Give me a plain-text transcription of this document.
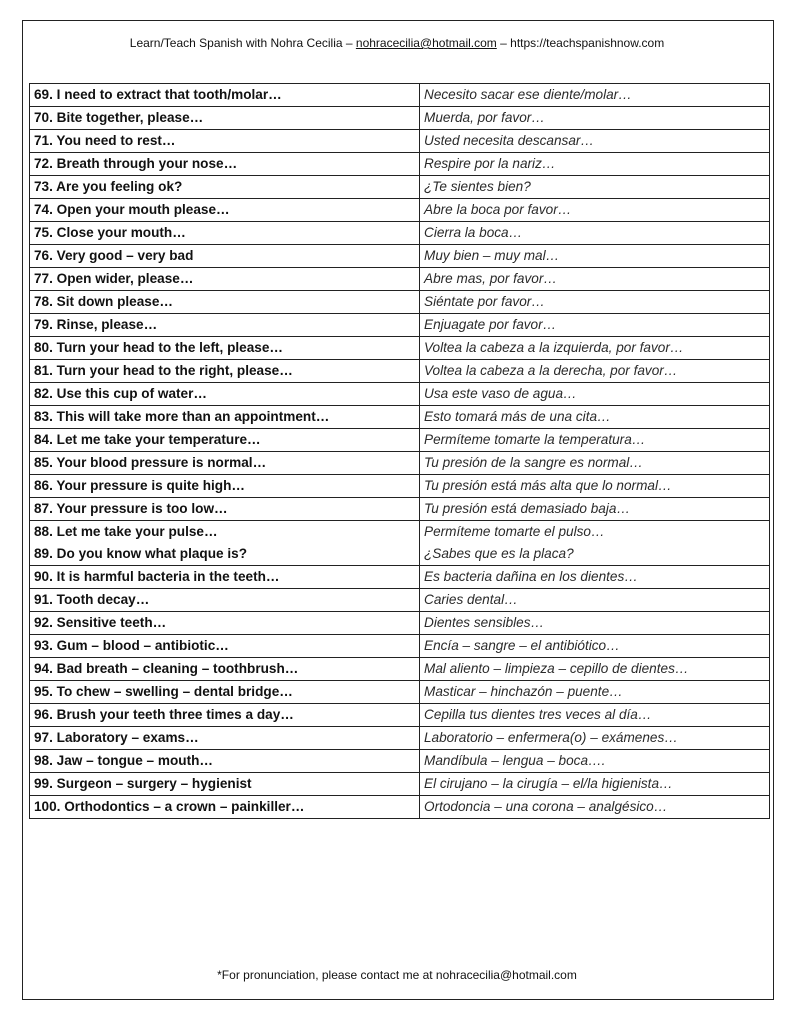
Learn/Teach Spanish with Nohra Cecilia – nohracecilia@hotmail.com – https://teachspanishnow.com
69. I need to extract that tooth/molar…	Necesito sacar ese diente/molar…
70. Bite together, please…	Muerda, por favor…
71. You need to rest…	Usted necesita descansar…
72. Breath through your nose…	Respire por la nariz…
73. Are you feeling ok?	¿Te sientes bien?
74. Open your mouth please…	Abre la boca por favor…
75. Close your mouth…	Cierra la boca…
76. Very good – very bad	Muy bien – muy mal…
77. Open wider, please…	Abre mas, por favor…
78. Sit down please…	Siéntate por favor…
79. Rinse, please…	Enjuagate por favor…
80. Turn your head to the left, please…	Voltea la cabeza a la izquierda, por favor…
81. Turn your head to the right, please…	Voltea la cabeza a la derecha, por favor…
82. Use this cup of water…	Usa este vaso de agua…
83. This will take more than an appointment…	Esto tomará más de una cita…
84. Let me take your temperature…	Permíteme tomarte la temperatura…
85. Your blood pressure is normal…	Tu presión de la sangre es normal…
86. Your pressure is quite high…	Tu presión está más alta que lo normal…
87. Your pressure is too low…	Tu presión está demasiado baja…
88. Let me take your pulse…	Permíteme tomarte el pulso…
89. Do you know what plaque is?	¿Sabes que es la placa?
90. It is harmful bacteria in the teeth…	Es bacteria dañina en los dientes…
91. Tooth decay…	Caries dental…
92. Sensitive teeth…	Dientes sensibles…
93. Gum – blood – antibiotic…	Encía – sangre – el antibiótico…
94. Bad breath – cleaning – toothbrush…	Mal aliento – limpieza – cepillo de dientes…
95. To chew – swelling – dental bridge…	Masticar – hinchazón – puente…
96. Brush your teeth three times a day…	Cepilla tus dientes tres veces al día…
97. Laboratory – exams…	Laboratorio – enfermera(o) – exámenes…
98. Jaw – tongue – mouth…	Mandíbula – lengua – boca….
99. Surgeon – surgery – hygienist	El cirujano – la cirugía – el/la higienista…
100. Orthodontics – a crown – painkiller…	Ortodoncia – una corona – analgésico…
*For pronunciation, please contact me at nohracecilia@hotmail.com
